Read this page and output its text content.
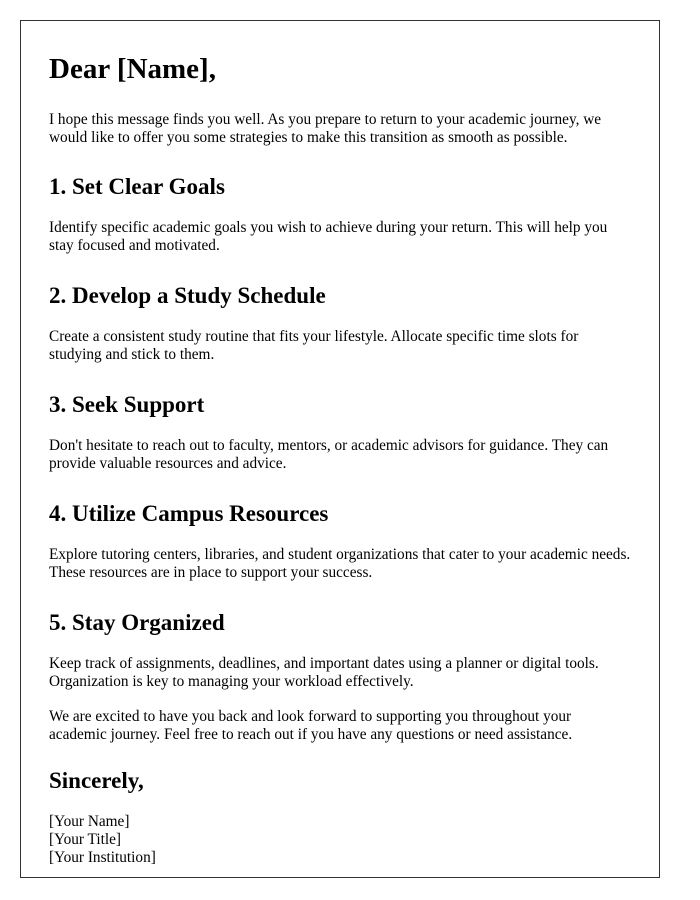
Dear [Name],

I hope this message finds you well. As you prepare to return to your academic journey, we would like to offer you some strategies to make this transition as smooth as possible.

1. Set Clear Goals

Identify specific academic goals you wish to achieve during your return. This will help you stay focused and motivated.

2. Develop a Study Schedule

Create a consistent study routine that fits your lifestyle. Allocate specific time slots for studying and stick to them.

3. Seek Support

Don't hesitate to reach out to faculty, mentors, or academic advisors for guidance. They can provide valuable resources and advice.

4. Utilize Campus Resources

Explore tutoring centers, libraries, and student organizations that cater to your academic needs. These resources are in place to support your success.

5. Stay Organized

Keep track of assignments, deadlines, and important dates using a planner or digital tools. Organization is key to managing your workload effectively.

We are excited to have you back and look forward to supporting you throughout your academic journey. Feel free to reach out if you have any questions or need assistance.

Sincerely,

[Your Name]

[Your Title]

[Your Institution]
